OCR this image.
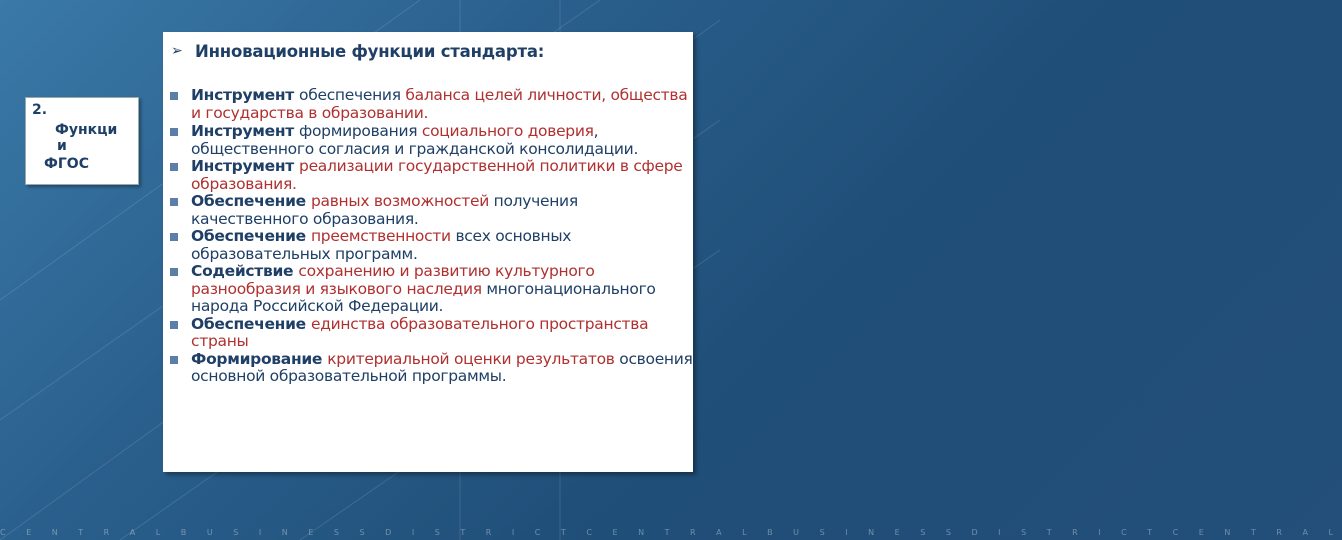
2.
Функци
и
ФГОС
➢ Инновационные функции стандарта:
Инструмент обеспечения баланса целей личности, общества и государства в образовании.
Инструмент формирования социального доверия, общественного согласия и гражданской консолидации.
Инструмент реализации государственной политики в сфере образования.
Обеспечение равных возможностей получения качественного образования.
Обеспечение преемственности всех основных образовательных программ.
Содействие сохранению и развитию культурного разнообразия и языкового наследия многонационального народа Российской Федерации.
Обеспечение единства образовательного пространства страны
Формирование критериальной оценки результатов освоения основной образовательной программы.
C E N T R A L B U S I N E S S D I S T R I C T C E N T R A L B U S I N E S S D I S T R I C T C E N T R A L
